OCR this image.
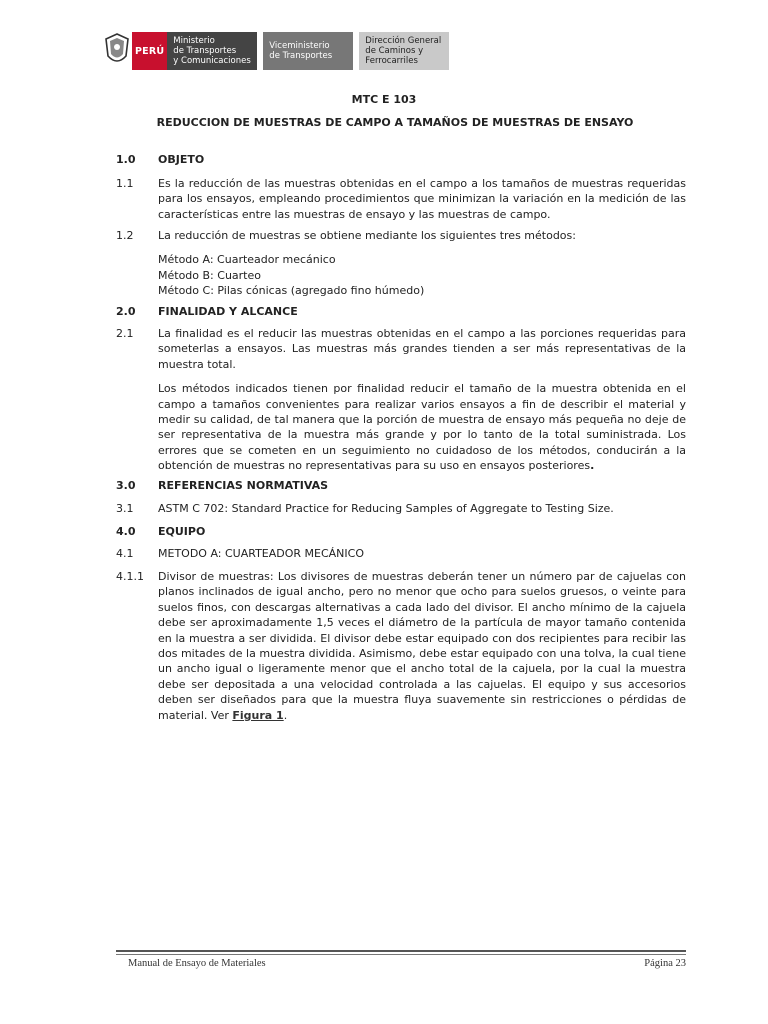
PERÚ
Ministerio
de Transportes
y Comunicaciones
Viceministerio
de Transportes
Dirección General
de Caminos y
Ferrocarriles
MTC E 103
REDUCCION DE MUESTRAS DE CAMPO A TAMAÑOS DE MUESTRAS DE ENSAYO
1.0 OBJETO
1.1 Es la reducción de las muestras obtenidas en el campo a los tamaños de muestras requeridas para los ensayos, empleando procedimientos que minimizan la variación en la medición de las características entre las muestras de ensayo y las muestras de campo.
1.2 La reducción de muestras se obtiene mediante los siguientes tres métodos:
Método A: Cuarteador mecánico
Método B: Cuarteo
Método C: Pilas cónicas (agregado fino húmedo)
2.0 FINALIDAD Y ALCANCE
2.1 La finalidad es el reducir las muestras obtenidas en el campo a las porciones requeridas para someterlas a ensayos. Las muestras más grandes tienden a ser más representativas de la muestra total.
Los métodos indicados tienen por finalidad reducir el tamaño de la muestra obtenida en el campo a tamaños convenientes para realizar varios ensayos a fin de describir el material y medir su calidad, de tal manera que la porción de muestra de ensayo más pequeña no deje de ser representativa de la muestra más grande y por lo tanto de la total suministrada. Los errores que se cometen en un seguimiento no cuidadoso de los métodos, conducirán a la obtención de muestras no representativas para su uso en ensayos posteriores.
3.0 REFERENCIAS NORMATIVAS
3.1 ASTM C 702: Standard Practice for Reducing Samples of Aggregate to Testing Size.
4.0 EQUIPO
4.1 METODO A: CUARTEADOR MECÁNICO
4.1.1 Divisor de muestras: Los divisores de muestras deberán tener un número par de cajuelas con planos inclinados de igual ancho, pero no menor que ocho para suelos gruesos, o veinte para suelos finos, con descargas alternativas a cada lado del divisor. El ancho mínimo de la cajuela debe ser aproximadamente 1,5 veces el diámetro de la partícula de mayor tamaño contenida en la muestra a ser dividida. El divisor debe estar equipado con dos recipientes para recibir las dos mitades de la muestra dividida. Asimismo, debe estar equipado con una tolva, la cual tiene un ancho igual o ligeramente menor que el ancho total de la cajuela, por la cual la muestra debe ser depositada a una velocidad controlada a las cajuelas. El equipo y sus accesorios deben ser diseñados para que la muestra fluya suavemente sin restricciones o pérdidas de material. Ver Figura 1.
Manual de Ensayo de Materiales	Página 23
